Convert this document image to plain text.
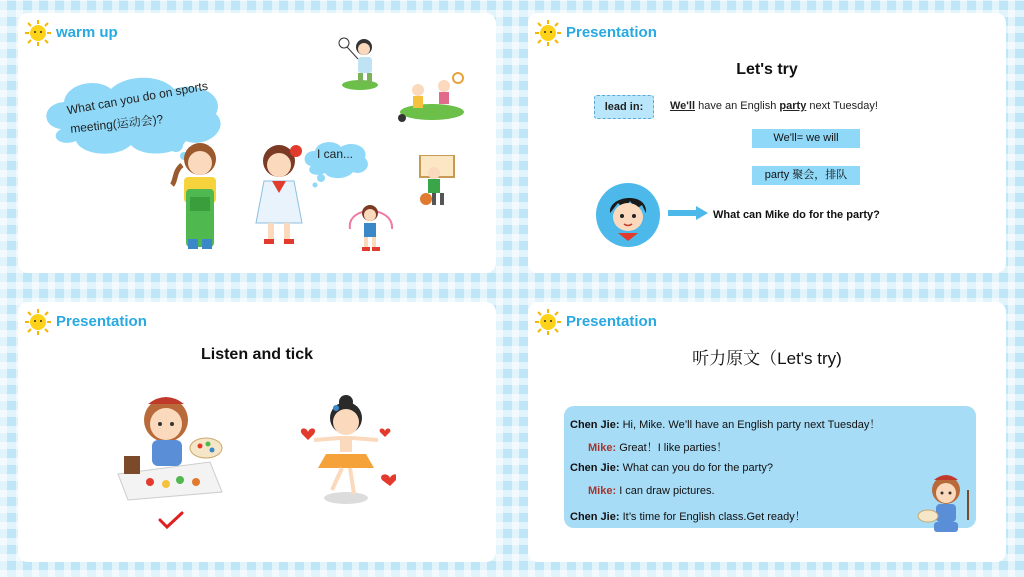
warm up
What can you do on sports
meeting(运动会)?
I can...
Presentation
Let's try
lead in:	We'll have an English party next Tuesday!
We'll= we will
party 聚会，排队
What can Mike do for the party?
Presentation
Listen and tick
Presentation
听力原文（Let's try)
Chen Jie: Hi, Mike. We’ll have an English party next Tuesday！
Mike: Great！I like parties！
Chen Jie: What can you do for the party?
Mike: I can draw pictures.
Chen Jie: It’s time for English class.Get ready！
